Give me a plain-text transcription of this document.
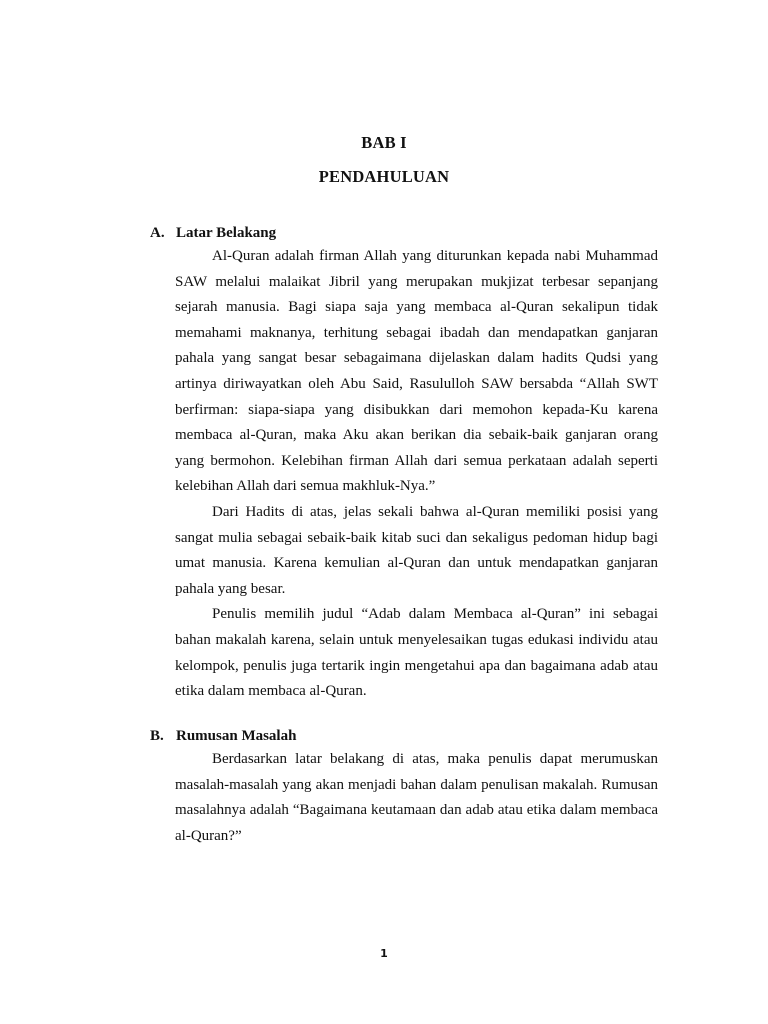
BAB I
PENDAHULUAN
A. Latar Belakang

Al-Quran adalah firman Allah yang diturunkan kepada nabi Muhammad SAW melalui malaikat Jibril yang merupakan mukjizat terbesar sepanjang sejarah manusia. Bagi siapa saja yang membaca al-Quran sekalipun tidak memahami maknanya, terhitung sebagai ibadah dan mendapatkan ganjaran pahala yang sangat besar sebagaimana dijelaskan dalam hadits Qudsi yang artinya diriwayatkan oleh Abu Said, Rasululloh SAW bersabda “Allah SWT berfirman: siapa-siapa yang disibukkan dari memohon kepada-Ku karena membaca al-Quran, maka Aku akan berikan dia sebaik-baik ganjaran orang yang bermohon. Kelebihan firman Allah dari semua perkataan adalah seperti kelebihan Allah dari semua makhluk-Nya.”

Dari Hadits di atas, jelas sekali bahwa al-Quran memiliki posisi yang sangat mulia sebagai sebaik-baik kitab suci dan sekaligus pedoman hidup bagi umat manusia. Karena kemulian al-Quran dan untuk mendapatkan ganjaran pahala yang besar.

Penulis memilih judul “Adab dalam Membaca al-Quran” ini sebagai bahan makalah karena, selain untuk menyelesaikan tugas edukasi individu atau kelompok, penulis juga tertarik ingin mengetahui apa dan bagaimana adab atau etika dalam membaca al-Quran.

B. Rumusan Masalah

Berdasarkan latar belakang di atas, maka penulis dapat merumuskan masalah-masalah yang akan menjadi bahan dalam penulisan makalah. Rumusan masalahnya adalah “Bagaimana keutamaan dan adab atau etika dalam membaca al-Quran?”

1
